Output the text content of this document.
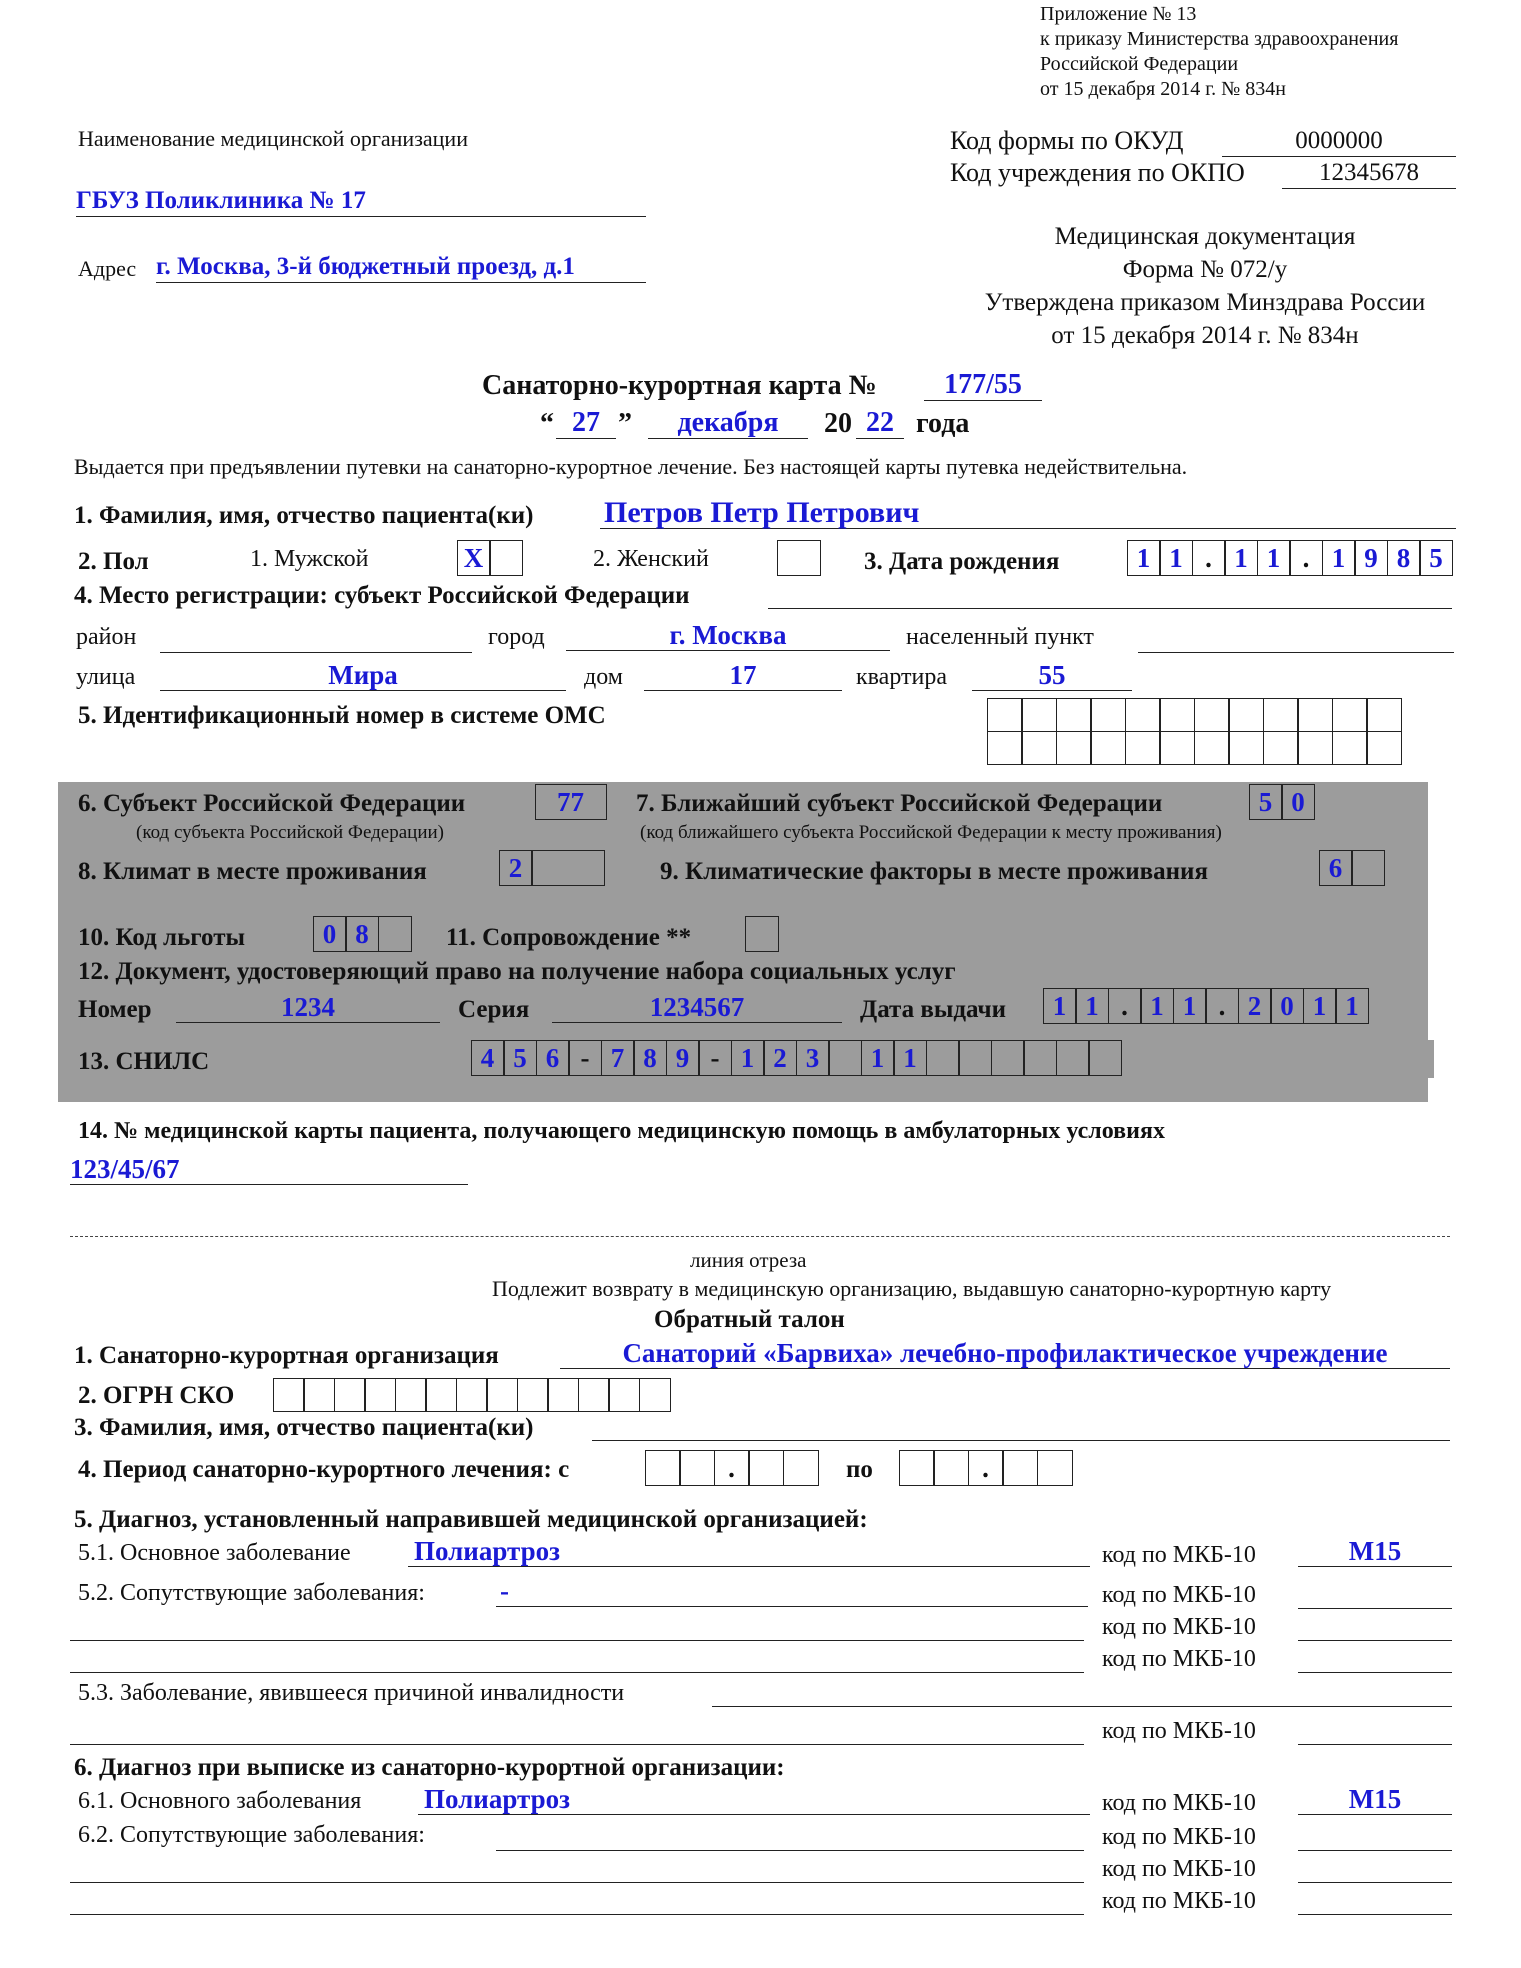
Приложение № 13
к приказу Министерства здравоохранения
Российской Федерации
от 15 декабря 2014 г. № 834н
Наименование медицинской организации
ГБУЗ Поликлиника № 17
Адрес г. Москва, 3-й бюджетный проезд, д.1
Код формы по ОКУД	0000000
Код учреждения по ОКПО	12345678
Медицинская документация
Форма № 072/у
Утверждена приказом Минздрава России
от 15 декабря 2014 г. № 834н
Санаторно-курортная карта №	177/55
“ 27 ”	декабря	20 22 года
Выдается при предъявлении путевки на санаторно-курортное лечение. Без настоящей карты путевка недействительна.
1. Фамилия, имя, отчество пациента(ки) Петров Петр Петрович
2. Пол	1. Мужской	X	2. Женский	3. Дата рождения	1 1 . 1 1 . 1 9 8 5
4. Место регистрации: субъект Российской Федерации
район	город	г. Москва	населенный пункт
улица	Мира	дом	17	квартира	55
5. Идентификационный номер в системе ОМС
6. Субъект Российской Федерации	77
(код субъекта Российской Федерации)
7. Ближайший субъект Российской Федерации	5 0
(код ближайшего субъекта Российской Федерации к месту проживания)
8. Климат в месте проживания	2	9. Климатические факторы в месте проживания	6
10. Код льготы	0 8	11. Сопровождение **
12. Документ, удостоверяющий право на получение набора социальных услуг
Номер	1234	Серия	1234567	Дата выдачи	1 1 . 1 1 . 2 0 1 1
13. СНИЛС	4 5 6 - 7 8 9 - 1 2 3	1 1
14. № медицинской карты пациента, получающего медицинскую помощь в амбулаторных условиях
123/45/67
линия отреза
Подлежит возврату в медицинскую организацию, выдавшую санаторно-курортную карту
Обратный талон
1. Санаторно-курортная организация	Санаторий «Барвиха» лечебно-профилактическое учреждение
2. ОГРН СКО
3. Фамилия, имя, отчество пациента(ки)
4. Период санаторно-курортного лечения: с	.	по	.
5. Диагноз, установленный направившей медицинской организацией:
5.1. Основное заболевание Полиартроз	код по МКБ-10	M15
5.2. Сопутствующие заболевания:	-	код по МКБ-10
код по МКБ-10
код по МКБ-10
5.3. Заболевание, явившееся причиной инвалидности
код по МКБ-10
6. Диагноз при выписке из санаторно-курортной организации:
6.1. Основного заболевания Полиартроз	код по МКБ-10	M15
6.2. Сопутствующие заболевания:	код по МКБ-10
код по МКБ-10
код по МКБ-10
